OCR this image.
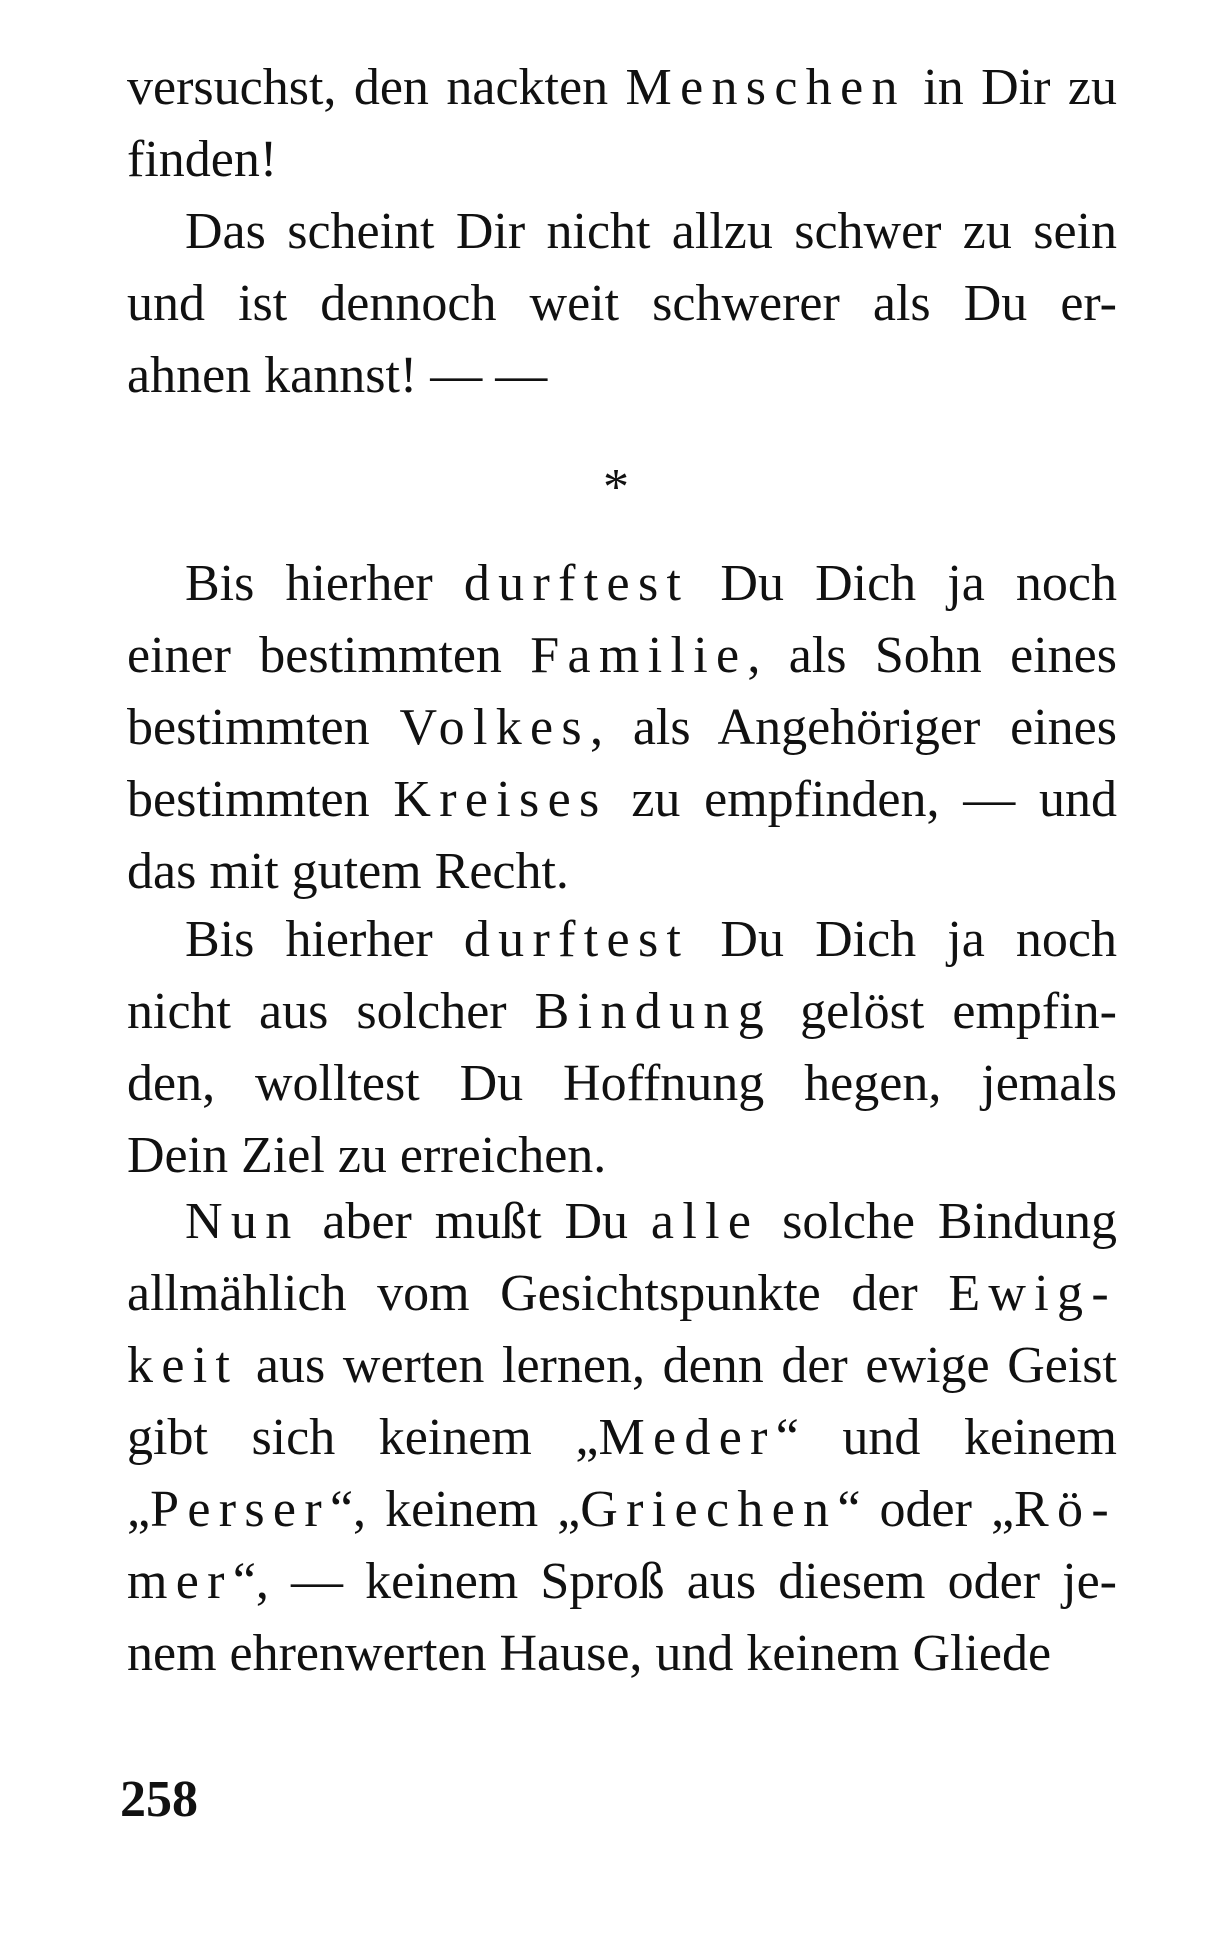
versuchst, den nackten Menschen in Dir zu
finden!
Das scheint Dir nicht allzu schwer zu sein
und ist dennoch weit schwerer als Du er-
ahnen kannst! — —
*
Bis hierher durftest Du Dich ja noch
einer bestimmten Familie, als Sohn eines
bestimmten Volkes, als Angehöriger eines
bestimmten Kreises zu empfinden, — und
das mit gutem Recht.
Bis hierher durftest Du Dich ja noch
nicht aus solcher Bindung gelöst empfin-
den, wolltest Du Hoffnung hegen, jemals
Dein Ziel zu erreichen.
Nun aber mußt Du alle solche Bindung
allmählich vom Gesichtspunkte der Ewig-
keit aus werten lernen, denn der ewige Geist
gibt sich keinem „Meder“ und keinem
„Perser“, keinem „Griechen“ oder „Rö-
mer“, — keinem Sproß aus diesem oder je-
nem ehrenwerten Hause, und keinem Gliede
258
